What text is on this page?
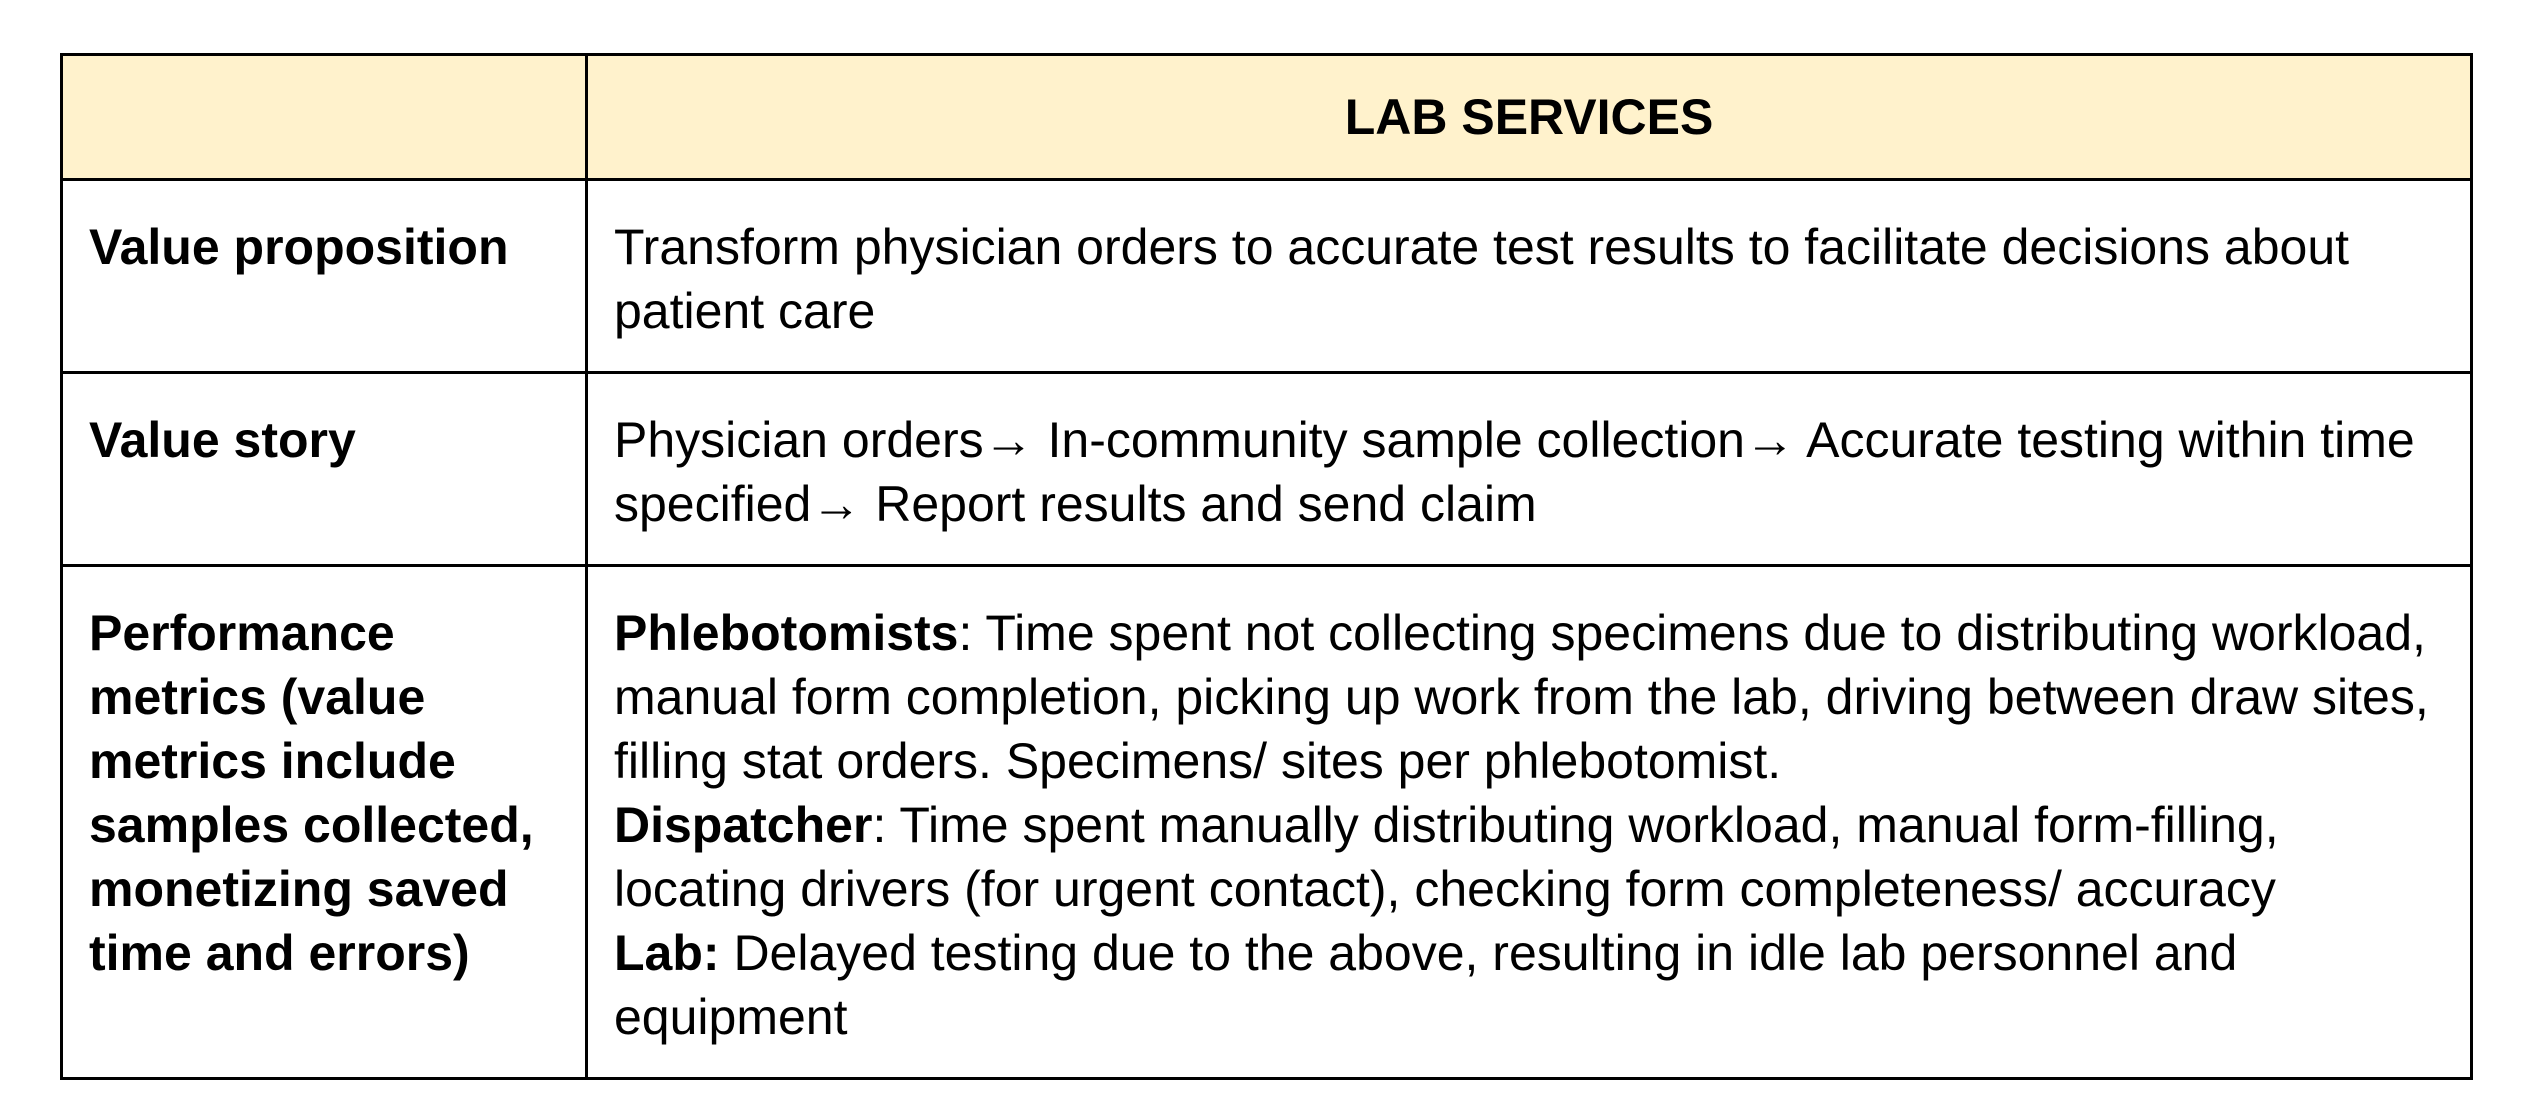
	LAB SERVICES
Value proposition	Transform physician orders to accurate test results to facilitate decisions about patient care
Value story	Physician orders→ In-community sample collection→ Accurate testing within time specified→ Report results and send claim
Performance metrics (value metrics include samples collected, monetizing saved time and errors)	Phlebotomists: Time spent not collecting specimens due to distributing workload, manual form completion, picking up work from the lab, driving between draw sites, filling stat orders. Specimens/ sites per phlebotomist.
Dispatcher: Time spent manually distributing workload, manual form-filling, locating drivers (for urgent contact), checking form completeness/ accuracy
Lab: Delayed testing due to the above, resulting in idle lab personnel and equipment
